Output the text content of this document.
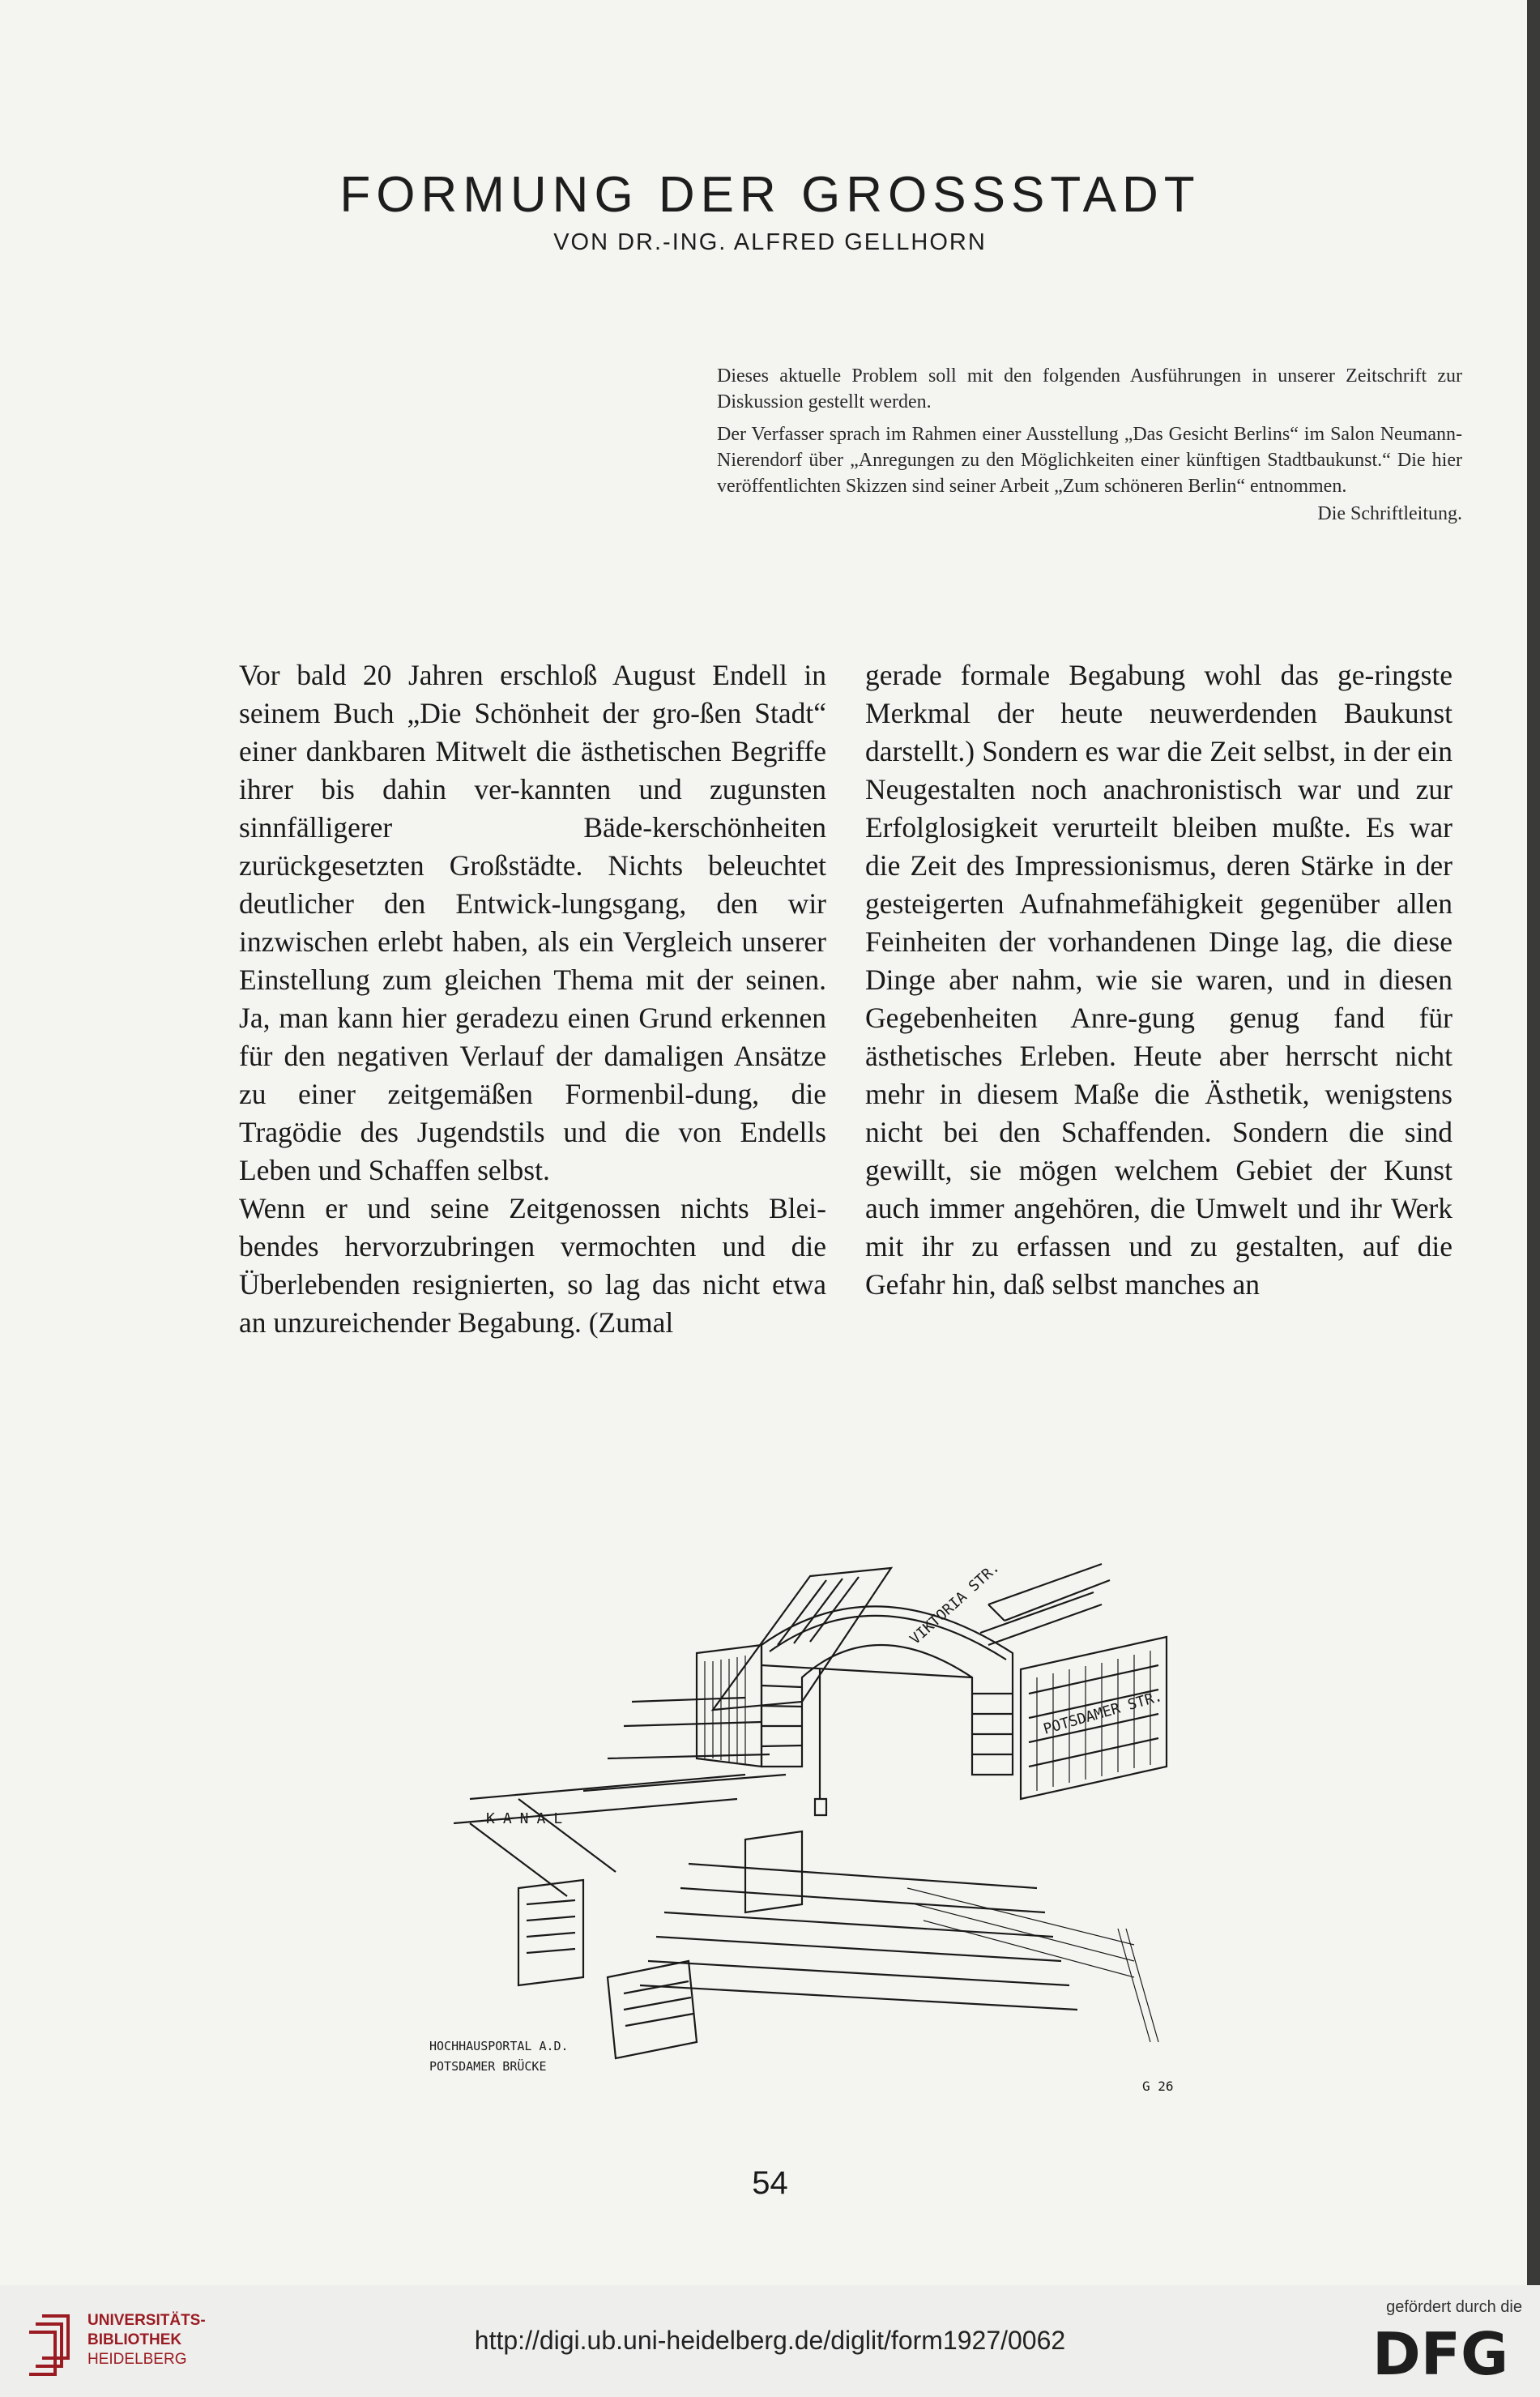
FORMUNG DER GROSSSTADT
VON DR.-ING. ALFRED GELLHORN

Dieses aktuelle Problem soll mit den folgenden Ausführungen in unserer Zeitschrift zur Diskussion gestellt werden.

Der Verfasser sprach im Rahmen einer Ausstellung „Das Gesicht Berlins“ im Salon Neumann-Nierendorf über „Anregungen zu den Möglichkeiten einer künftigen Stadtbaukunst.“ Die hier veröffentlichten Skizzen sind seiner Arbeit „Zum schöneren Berlin“ entnommen.

Die Schriftleitung.

Vor bald 20 Jahren erschloß August Endell in seinem Buch „Die Schönheit der gro-ßen Stadt“ einer dankbaren Mitwelt die ästhetischen Begriffe ihrer bis dahin ver-kannten und zugunsten sinnfälligerer Bäde-kerschönheiten zurückgesetzten Großstädte. Nichts beleuchtet deutlicher den Entwick-lungsgang, den wir inzwischen erlebt haben, als ein Vergleich unserer Einstellung zum gleichen Thema mit der seinen. Ja, man kann hier geradezu einen Grund erkennen für den negativen Verlauf der damaligen Ansätze zu einer zeitgemäßen Formenbil-dung, die Tragödie des Jugendstils und die von Endells Leben und Schaffen selbst.

Wenn er und seine Zeitgenossen nichts Blei-bendes hervorzubringen vermochten und die Überlebenden resignierten, so lag das nicht etwa an unzureichender Begabung. (Zumal

gerade formale Begabung wohl das ge-ringste Merkmal der heute neuwerdenden Baukunst darstellt.) Sondern es war die Zeit selbst, in der ein Neugestalten noch anachronistisch war und zur Erfolglosigkeit verurteilt bleiben mußte. Es war die Zeit des Impressionismus, deren Stärke in der gesteigerten Aufnahmefähigkeit gegenüber allen Feinheiten der vorhandenen Dinge lag, die diese Dinge aber nahm, wie sie waren, und in diesen Gegebenheiten Anre-gung genug fand für ästhetisches Erleben. Heute aber herrscht nicht mehr in diesem Maße die Ästhetik, wenigstens nicht bei den Schaffenden. Sondern die sind gewillt, sie mögen welchem Gebiet der Kunst auch immer angehören, die Umwelt und ihr Werk mit ihr zu erfassen und zu gestalten, auf die Gefahr hin, daß selbst manches an

VIKTORIA STR.
POTSDAMER STR.
KANAL
HOCHHAUSPORTAL A.D.
POTSDAMER BRÜCKE
G 26
54
UNIVERSITÄTS-
BIBLIOTHEK
HEIDELBERG
http://digi.ub.uni-heidelberg.de/diglit/form1927/0062
gefördert durch die
DFG
